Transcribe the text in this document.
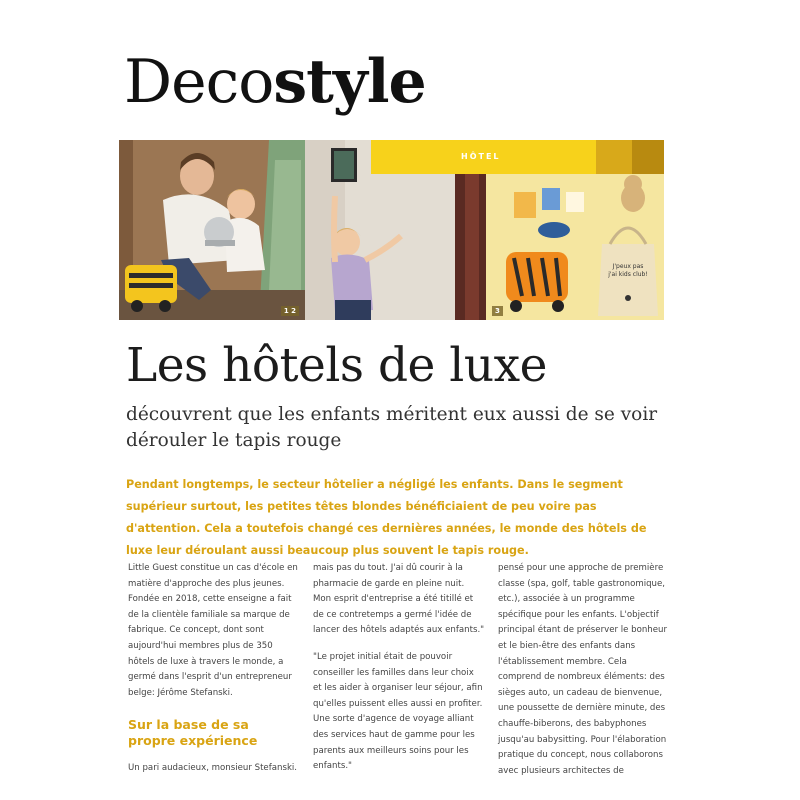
Decostyle
1 2
J'peux pas
j'ai kids club!
3
HÔTEL
Les hôtels de luxe
découvrent que les enfants méritent eux aussi de se voir dérouler le tapis rouge
Pendant longtemps, le secteur hôtelier a négligé les enfants. Dans le segment supérieur surtout, les petites têtes blondes bénéficiaient de peu voire pas d'attention. Cela a toutefois changé ces dernières années, le monde des hôtels de luxe leur déroulant aussi beaucoup plus souvent le tapis rouge.

Little Guest constitue un cas d'école en matière d'approche des plus jeunes. Fondée en 2018, cette enseigne a fait de la clientèle familiale sa marque de fabrique. Ce concept, dont sont aujourd'hui membres plus de 350 hôtels de luxe à travers le monde, a germé dans l'esprit d'un entrepreneur belge: Jérôme Stefanski.

Sur la base de sa propre expérience

Un pari audacieux, monsieur Stefanski.

mais pas du tout. J'ai dû courir à la pharmacie de garde en pleine nuit. Mon esprit d'entreprise a été titillé et de ce contretemps a germé l'idée de lancer des hôtels adaptés aux enfants."

"Le projet initial était de pouvoir conseiller les familles dans leur choix et les aider à organiser leur séjour, afin qu'elles puissent elles aussi en profiter. Une sorte d'agence de voyage alliant des services haut de gamme pour les parents aux meilleurs soins pour les enfants."

pensé pour une approche de première classe (spa, golf, table gastronomique, etc.), associée à un programme spécifique pour les enfants. L'objectif principal étant de préserver le bonheur et le bien-être des enfants dans l'établissement membre. Cela comprend de nombreux éléments: des sièges auto, un cadeau de bienvenue, une poussette de dernière minute, des chauffe-biberons, des babyphones jusqu'au babysitting. Pour l'élaboration pratique du concept, nous collaborons avec plusieurs architectes de
